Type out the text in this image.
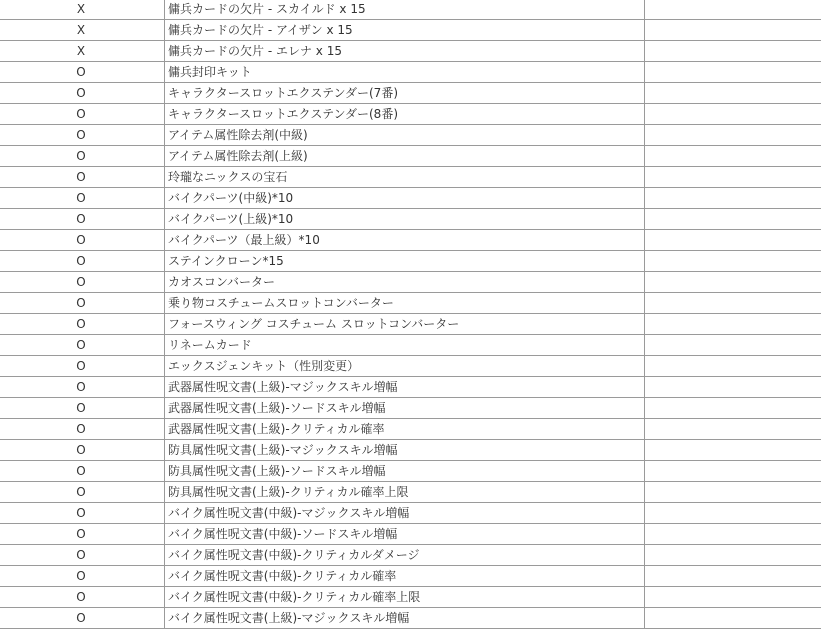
X	傭兵カードの欠片 - スカイルド x 15	
X	傭兵カードの欠片 - アイザン x 15	
X	傭兵カードの欠片 - エレナ x 15	
O	傭兵封印キット	
O	キャラクタースロットエクステンダー(7番)	
O	キャラクタースロットエクステンダー(8番)	
O	アイテム属性除去剤(中級)	
O	アイテム属性除去剤(上級)	
O	玲瓏なニックスの宝石	
O	バイクパーツ(中級)*10	
O	バイクパーツ(上級)*10	
O	バイクパーツ（最上級）*10	
O	ステインクローン*15	
O	カオスコンバーター	
O	乗り物コスチュームスロットコンバーター	
O	フォースウィング コスチューム スロットコンバーター	
O	リネームカード	
O	エックスジェンキット（性別変更）	
O	武器属性呪文書(上級)-マジックスキル増幅	
O	武器属性呪文書(上級)-ソードスキル増幅	
O	武器属性呪文書(上級)-クリティカル確率	
O	防具属性呪文書(上級)-マジックスキル増幅	
O	防具属性呪文書(上級)-ソードスキル増幅	
O	防具属性呪文書(上級)-クリティカル確率上限	
O	バイク属性呪文書(中級)-マジックスキル増幅	
O	バイク属性呪文書(中級)-ソードスキル増幅	
O	バイク属性呪文書(中級)-クリティカルダメージ	
O	バイク属性呪文書(中級)-クリティカル確率	
O	バイク属性呪文書(中級)-クリティカル確率上限	
O	バイク属性呪文書(上級)-マジックスキル増幅	
